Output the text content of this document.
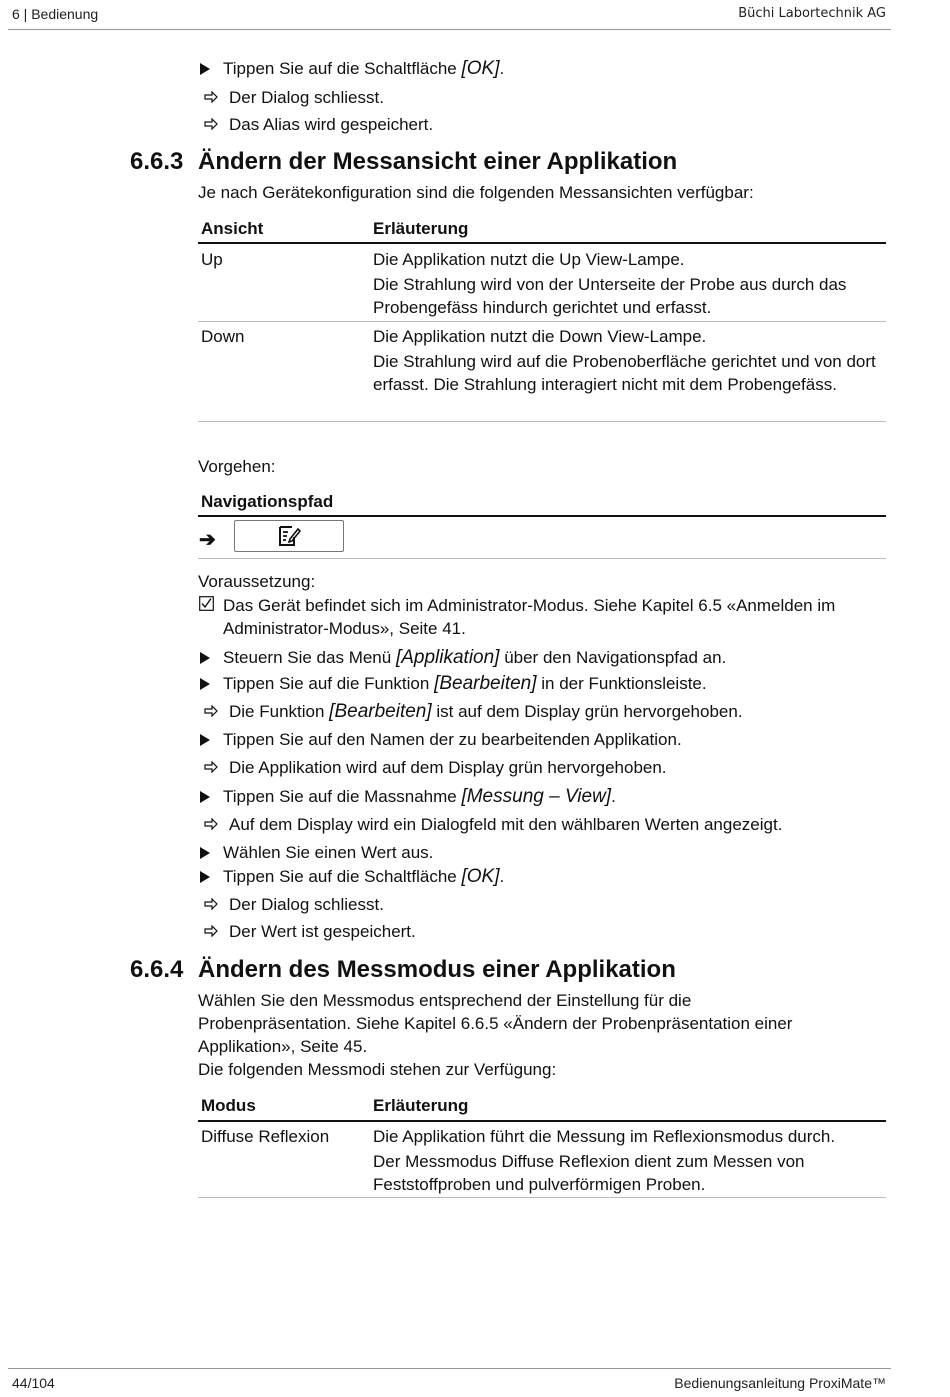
6 | Bedienung	Büchi Labortechnik AG
Tippen Sie auf die Schaltfläche [OK].
Der Dialog schliesst.
Das Alias wird gespeichert.
6.6.3 Ändern der Messansicht einer Applikation
Je nach Gerätekonfiguration sind die folgenden Messansichten verfügbar:
Ansicht	Erläuterung
Up	Die Applikation nutzt die Up View-Lampe.
Die Strahlung wird von der Unterseite der Probe aus durch das Probengefäss hindurch gerichtet und erfasst.
Down	Die Applikation nutzt die Down View-Lampe.
Die Strahlung wird auf die Probenoberfläche gerichtet und von dort erfasst. Die Strahlung interagiert nicht mit dem Probengefäss.
Vorgehen:
Navigationspfad
➔
Voraussetzung:
Das Gerät befindet sich im Administrator-Modus. Siehe Kapitel 6.5 «Anmelden im Administrator-Modus», Seite 41.
Steuern Sie das Menü [Applikation] über den Navigationspfad an.
Tippen Sie auf die Funktion [Bearbeiten] in der Funktionsleiste.
Die Funktion [Bearbeiten] ist auf dem Display grün hervorgehoben.
Tippen Sie auf den Namen der zu bearbeitenden Applikation.
Die Applikation wird auf dem Display grün hervorgehoben.
Tippen Sie auf die Massnahme [Messung – View].
Auf dem Display wird ein Dialogfeld mit den wählbaren Werten angezeigt.
Wählen Sie einen Wert aus.
Tippen Sie auf die Schaltfläche [OK].
Der Dialog schliesst.
Der Wert ist gespeichert.
6.6.4 Ändern des Messmodus einer Applikation
Wählen Sie den Messmodus entsprechend der Einstellung für die
Probenpräsentation. Siehe Kapitel 6.6.5 «Ändern der Probenpräsentation einer
Applikation», Seite 45.
Die folgenden Messmodi stehen zur Verfügung:
Modus	Erläuterung
Diffuse Reflexion	Die Applikation führt die Messung im Reflexionsmodus durch.
Der Messmodus Diffuse Reflexion dient zum Messen von Feststoffproben und pulverförmigen Proben.
44/104	Bedienungsanleitung ProxiMate™
